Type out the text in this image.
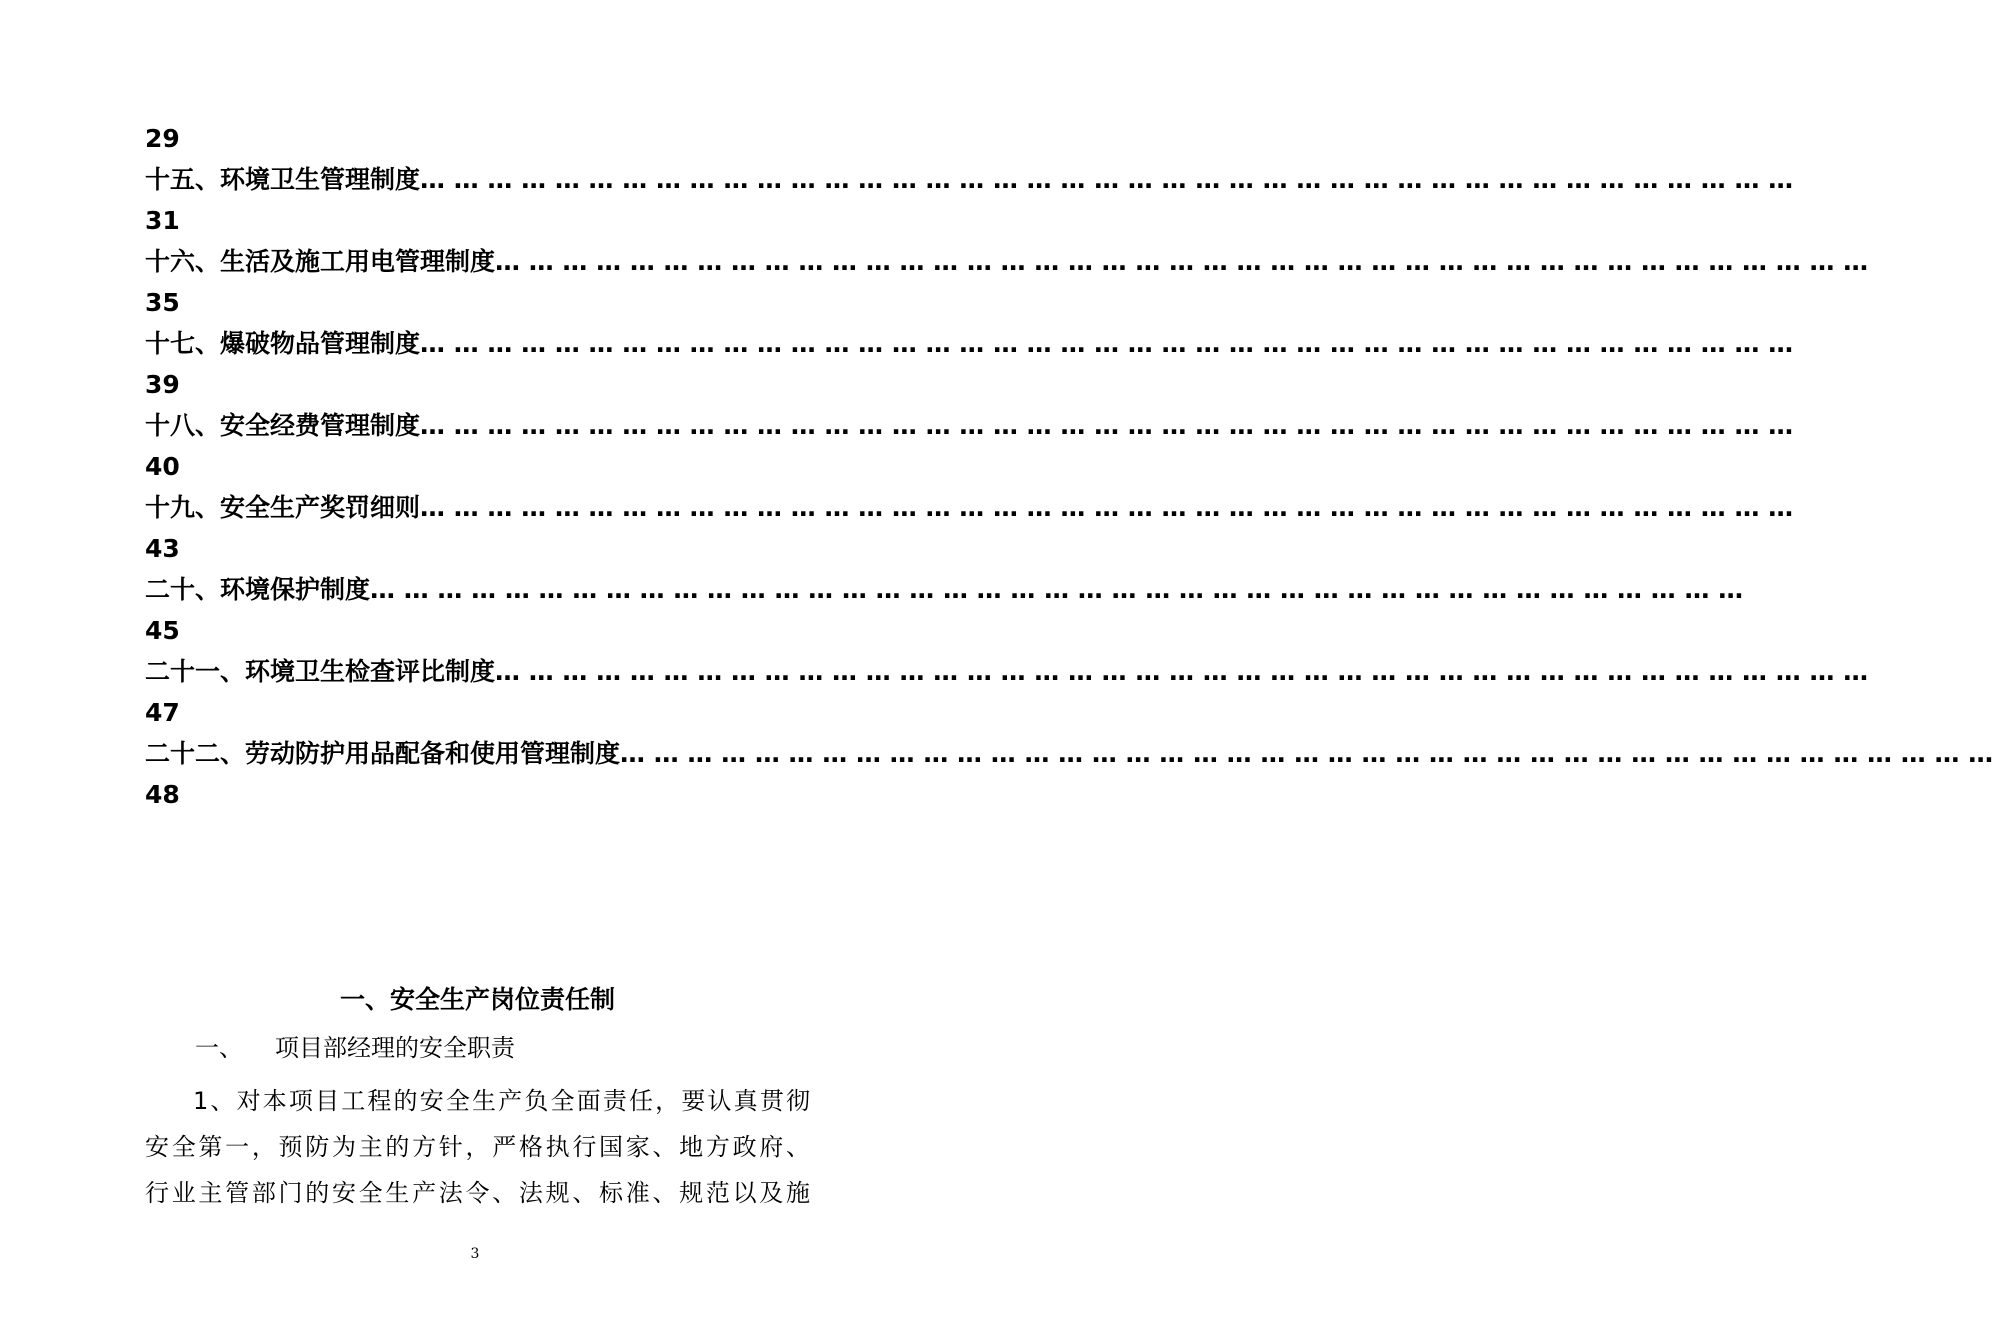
29
十五、环境卫生管理制度 … … … … … … … … … … … … … … … … … … … … … … … … … … … … … … … … … … … … … … … … …
31
十六、生活及施工用电管理制度 … … … … … … … … … … … … … … … … … … … … … … … … … … … … … … … … … … … … … … … … …
35
十七、爆破物品管理制度 … … … … … … … … … … … … … … … … … … … … … … … … … … … … … … … … … … … … … … … … …
39
十八、安全经费管理制度 … … … … … … … … … … … … … … … … … … … … … … … … … … … … … … … … … … … … … … … … …
40
十九、安全生产奖罚细则 … … … … … … … … … … … … … … … … … … … … … … … … … … … … … … … … … … … … … … … … …
43
二十、环境保护制度 … … … … … … … … … … … … … … … … … … … … … … … … … … … … … … … … … … … … … … … … …
45
二十一、环境卫生检查评比制度 … … … … … … … … … … … … … … … … … … … … … … … … … … … … … … … … … … … … … … … … …
47
二十二、劳动防护用品配备和使用管理制度 … … … … … … … … … … … … … … … … … … … … … … … … … … … … … … … … … … … … … … … … …
48
一、安全生产岗位责任制
一、 项目部经理的安全职责
1、对本项目工程的安全生产负全面责任，要认真贯彻
安全第一，预防为主的方针，严格执行国家、地方政府、
行业主管部门的安全生产法令、法规、标准、规范以及施
3
